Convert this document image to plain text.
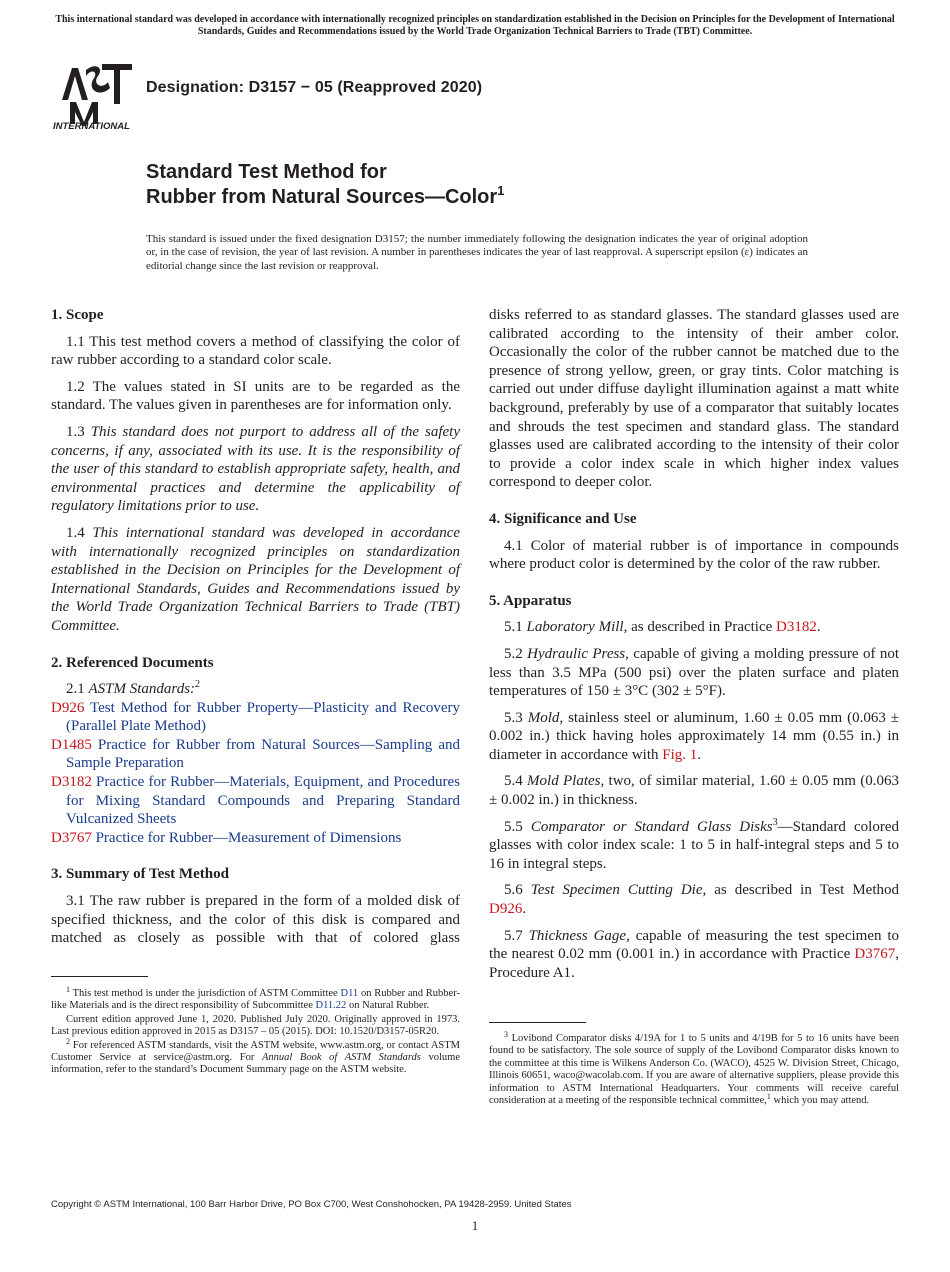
This international standard was developed in accordance with internationally recognized principles on standardization established in the Decision on Principles for the Development of International Standards, Guides and Recommendations issued by the World Trade Organization Technical Barriers to Trade (TBT) Committee.
INTERNATIONAL
Designation: D3157 − 05 (Reapproved 2020)
Standard Test Method for
Rubber from Natural Sources—Color$^1$
This standard is issued under the fixed designation D3157; the number immediately following the designation indicates the year of original adoption or, in the case of revision, the year of last revision. A number in parentheses indicates the year of last reapproval. A superscript epsilon (ε) indicates an editorial change since the last revision or reapproval.

1. Scope

1.1 This test method covers a method of classifying the color of raw rubber according to a standard color scale.

1.2 The values stated in SI units are to be regarded as the standard. The values given in parentheses are for information only.

1.3 This standard does not purport to address all of the safety concerns, if any, associated with its use. It is the responsibility of the user of this standard to establish appropriate safety, health, and environmental practices and determine the applicability of regulatory limitations prior to use.

1.4 This international standard was developed in accordance with internationally recognized principles on standardization established in the Decision on Principles for the Development of International Standards, Guides and Recommendations issued by the World Trade Organization Technical Barriers to Trade (TBT) Committee.

2. Referenced Documents

2.1 ASTM Standards:$^2$

D926 Test Method for Rubber Property—Plasticity and Recovery (Parallel Plate Method)

D1485 Practice for Rubber from Natural Sources—Sampling and Sample Preparation

D3182 Practice for Rubber—Materials, Equipment, and Procedures for Mixing Standard Compounds and Preparing Standard Vulcanized Sheets

D3767 Practice for Rubber—Measurement of Dimensions

3. Summary of Test Method

3.1 The raw rubber is prepared in the form of a molded disk of specified thickness, and the color of this disk is compared and matched as closely as possible with that of colored glass

disks referred to as standard glasses. The standard glasses used are calibrated according to the intensity of their amber color. Occasionally the color of the rubber cannot be matched due to the presence of strong yellow, green, or gray tints. Color matching is carried out under diffuse daylight illumination against a matt white background, preferably by use of a comparator that suitably locates and shrouds the test specimen and standard glass. The standard glasses used are calibrated according to the intensity of their color to provide a color index scale in which higher index values correspond to deeper color.

4. Significance and Use

4.1 Color of material rubber is of importance in compounds where product color is determined by the color of the raw rubber.

5. Apparatus

5.1 Laboratory Mill, as described in Practice D3182.

5.2 Hydraulic Press, capable of giving a molding pressure of not less than 3.5 MPa (500 psi) over the platen surface and platen temperatures of 150 ± 3°C (302 ± 5°F).

5.3 Mold, stainless steel or aluminum, 1.60 ± 0.05 mm (0.063 ± 0.002 in.) thick having holes approximately 14 mm (0.55 in.) in diameter in accordance with Fig. 1.

5.4 Mold Plates, two, of similar material, 1.60 ± 0.05 mm (0.063 ± 0.002 in.) in thickness.

5.5 Comparator or Standard Glass Disks$^3$—Standard colored glasses with color index scale: 1 to 5 in half-integral steps and 5 to 16 in integral steps.

5.6 Test Specimen Cutting Die, as described in Test Method D926.

5.7 Thickness Gage, capable of measuring the test specimen to the nearest 0.02 mm (0.001 in.) in accordance with Practice D3767, Procedure A1.

$^1$ This test method is under the jurisdiction of ASTM Committee D11 on Rubber and Rubber-like Materials and is the direct responsibility of Subcommittee D11.22 on Natural Rubber.

Current edition approved June 1, 2020. Published July 2020. Originally approved in 1973. Last previous edition approved in 2015 as D3157 – 05 (2015). DOI: 10.1520/D3157-05R20.

$^2$ For referenced ASTM standards, visit the ASTM website, www.astm.org, or contact ASTM Customer Service at service@astm.org. For Annual Book of ASTM Standards volume information, refer to the standard’s Document Summary page on the ASTM website.

$^3$ Lovibond Comparator disks 4/19A for 1 to 5 units and 4/19B for 5 to 16 units have been found to be satisfactory. The sole source of supply of the Lovibond Comparator disks known to the committee at this time is Wilkens Anderson Co. (WACO), 4525 W. Division Street, Chicago, Illinois 60651, waco@wacolab.com. If you are aware of alternative suppliers, please provide this information to ASTM International Headquarters. Your comments will receive careful consideration at a meeting of the responsible technical committee,$^1$ which you may attend.

Copyright © ASTM International, 100 Barr Harbor Drive, PO Box C700, West Conshohocken, PA 19428-2959. United States
1
